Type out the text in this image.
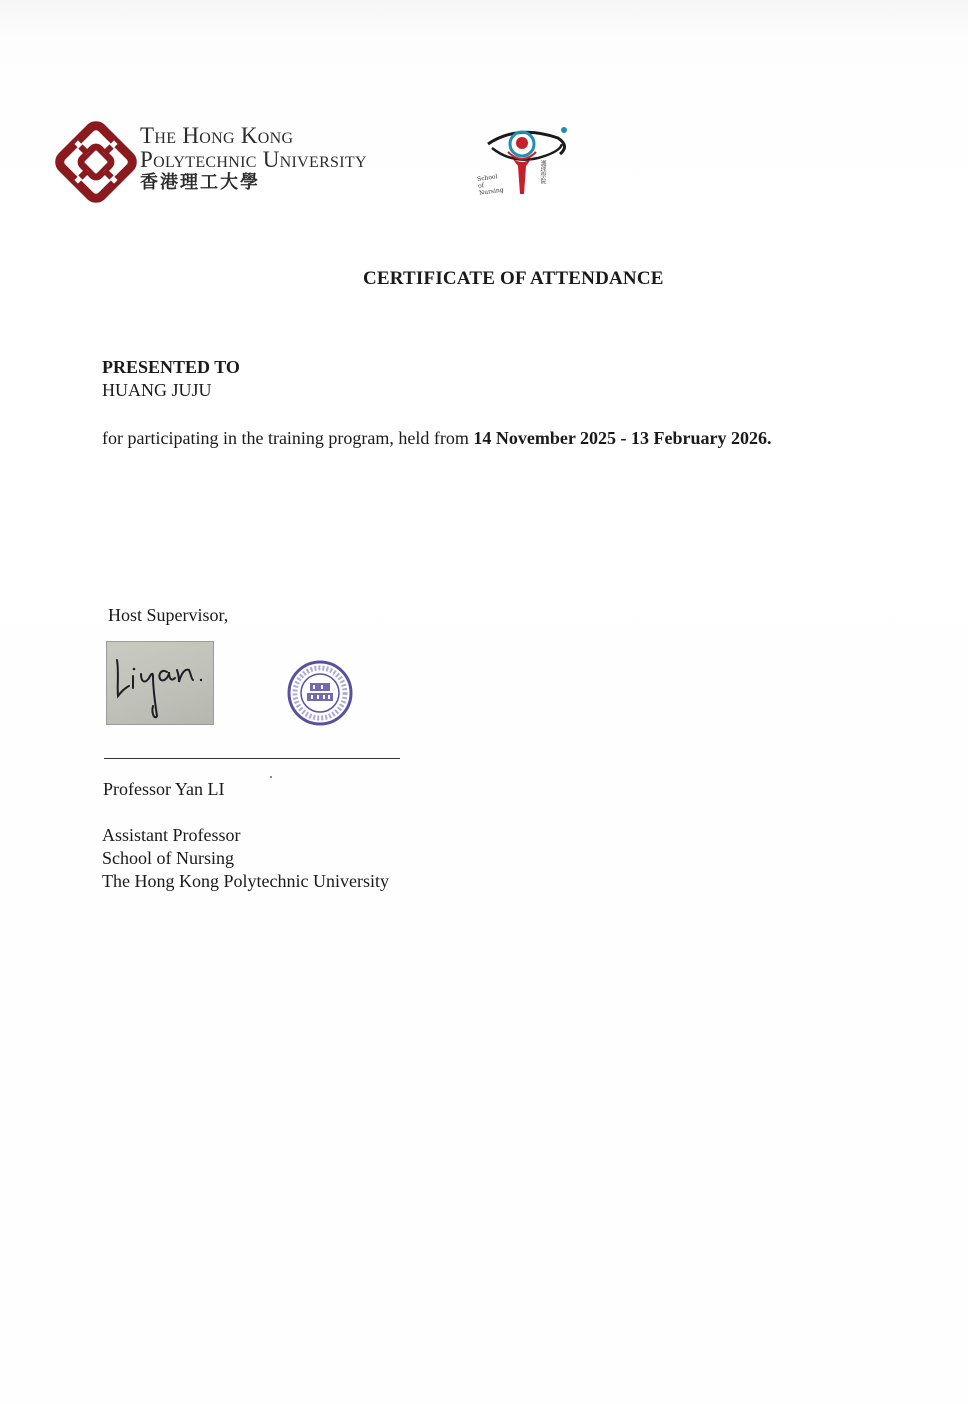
The Hong Kong
Polytechnic University
香港理工大學	School of Nursing
護理學院
CERTIFICATE OF ATTENDANCE
PRESENTED TO
HUANG JUJU
for participating in the training program, held from 14 November 2025 - 13 February 2026.
Host Supervisor,
Professor Yan LI
Assistant Professor
School of Nursing
The Hong Kong Polytechnic University
